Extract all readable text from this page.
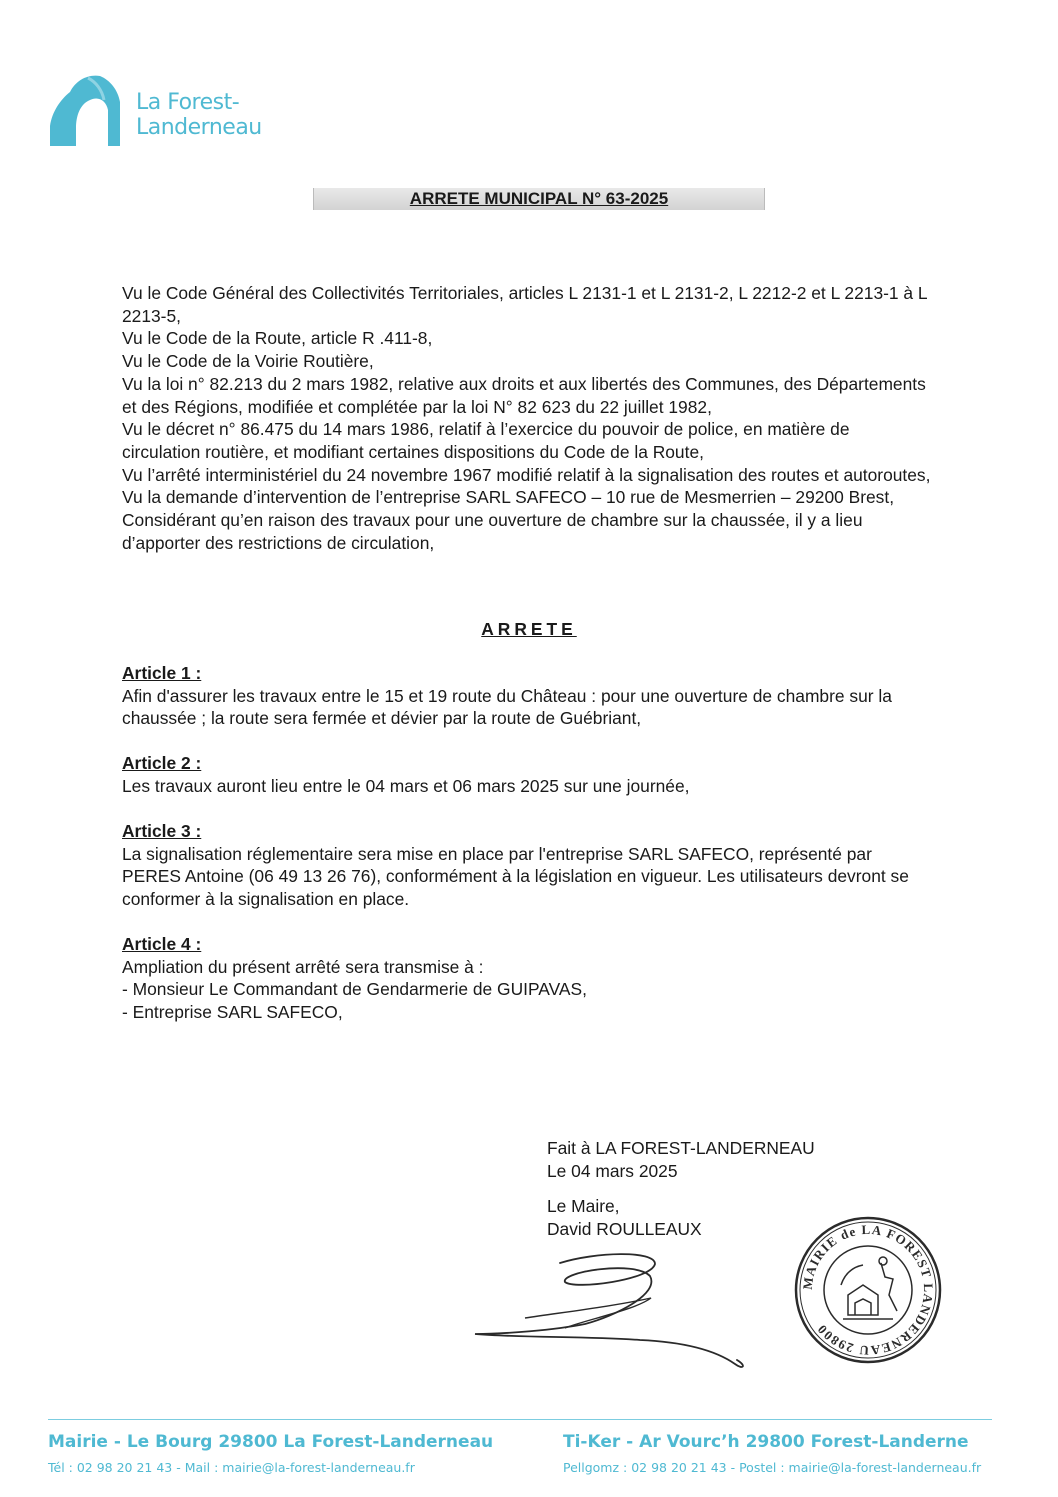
La Forest-
Landerneau
ARRETE MUNICIPAL N° 63-2025

Vu le Code Général des Collectivités Territoriales, articles L 2131-1 et L 2131-2, L 2212-2 et L 2213-1 à L 2213-5,

Vu le Code de la Route, article R .411-8,

Vu le Code de la Voirie Routière,

Vu la loi n° 82.213 du 2 mars 1982, relative aux droits et aux libertés des Communes, des Départements et des Régions, modifiée et complétée par la loi N° 82 623 du 22 juillet 1982,

Vu le décret n° 86.475 du 14 mars 1986, relatif à l’exercice du pouvoir de police, en matière de circulation routière, et modifiant certaines dispositions du Code de la Route,

Vu l’arrêté interministériel du 24 novembre 1967 modifié relatif à la signalisation des routes et autoroutes,

Vu la demande d’intervention de l’entreprise SARL SAFECO – 10 rue de Mesmerrien – 29200 Brest,

Considérant qu’en raison des travaux pour une ouverture de chambre sur la chaussée, il y a lieu d’apporter des restrictions de circulation,

ARRETE
Article 1 :

Afin d'assurer les travaux entre le 15 et 19 route du Château : pour une ouverture de chambre sur la chaussée ; la route sera fermée et dévier par la route de Guébriant,

Article 2 :

Les travaux auront lieu entre le 04 mars et 06 mars 2025 sur une journée,

Article 3 :

La signalisation réglementaire sera mise en place par l'entreprise SARL SAFECO, représenté par PERES Antoine (06 49 13 26 76), conformément à la législation en vigueur. Les utilisateurs devront se conformer à la signalisation en place.

Article 4 :

Ampliation du présent arrêté sera transmise à :

- Monsieur Le Commandant de Gendarmerie de GUIPAVAS,

- Entreprise SARL SAFECO,

Fait à LA FOREST-LANDERNEAU

Le 04 mars 2025

Le Maire,

David ROULLEAUX

MAIRIE de LA FOREST LANDERNEAU 29800
Mairie - Le Bourg 29800 La Forest-Landerneau	Ti-Ker - Ar Vourc’h 29800 Forest-Landerne
Tél : 02 98 20 21 43 - Mail : mairie@la-forest-landerneau.fr	Pellgomz : 02 98 20 21 43 - Postel : mairie@la-forest-landerneau.fr
